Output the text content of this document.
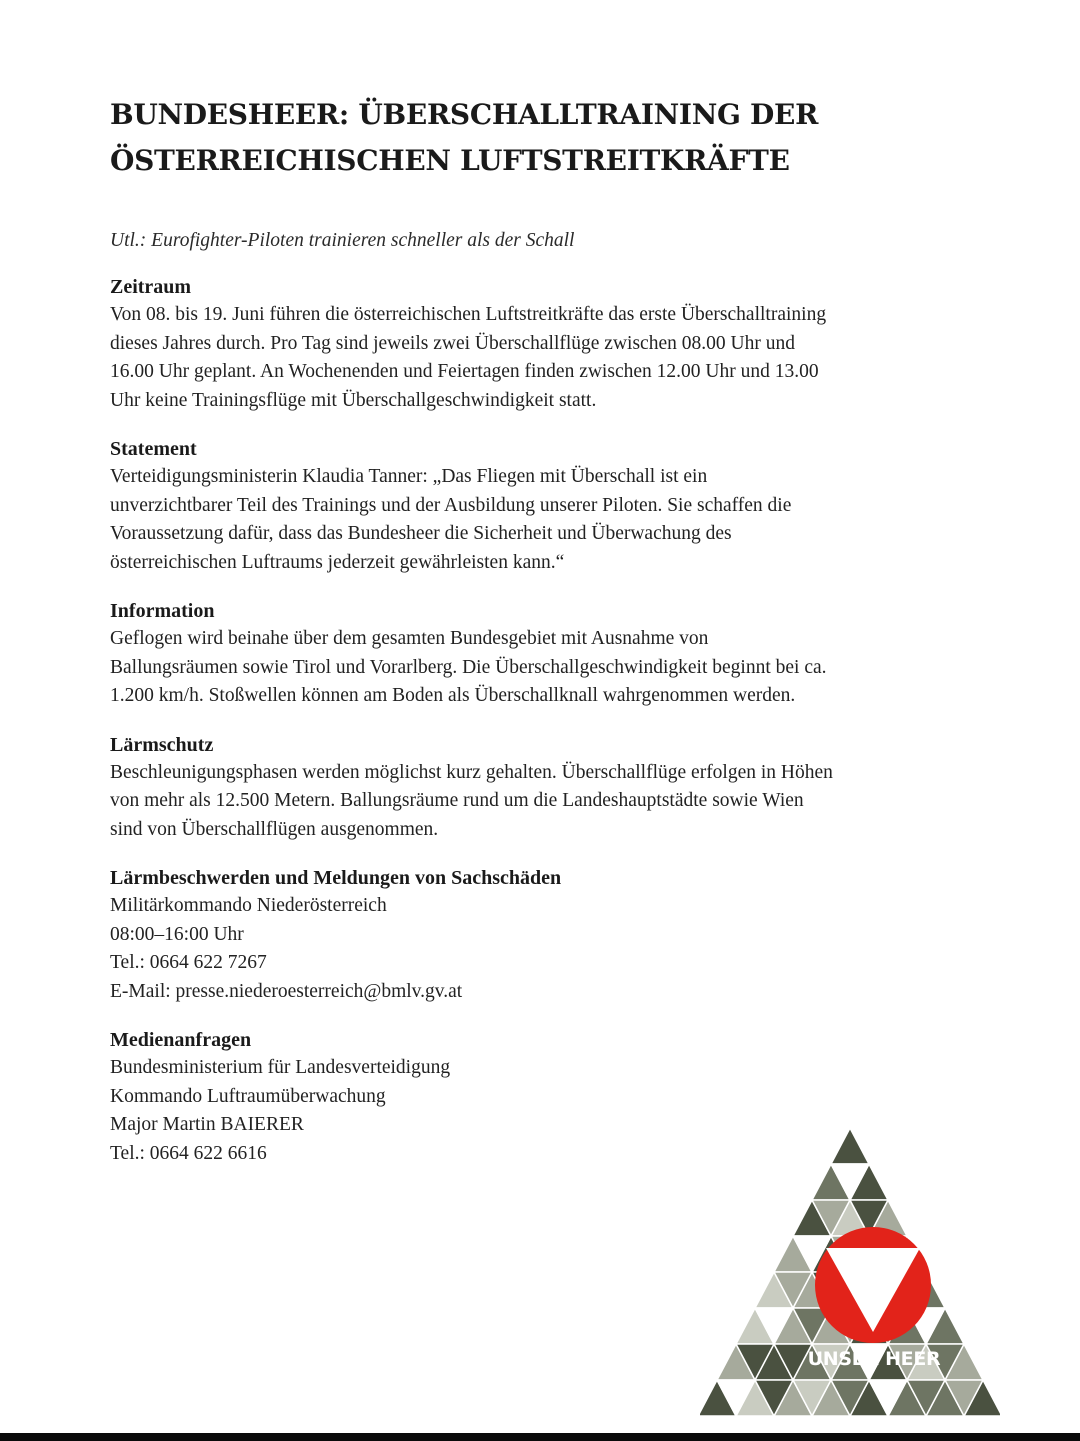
BUNDESHEER: ÜBERSCHALLTRAINING DER
ÖSTERREICHISCHEN LUFTSTREITKRÄFTE

Utl.: Eurofighter-Piloten trainieren schneller als der Schall

Zeitraum

Von 08. bis 19. Juni führen die österreichischen Luftstreitkräfte das erste Überschalltraining
dieses Jahres durch. Pro Tag sind jeweils zwei Überschallflüge zwischen 08.00 Uhr und
16.00 Uhr geplant. An Wochenenden und Feiertagen finden zwischen 12.00 Uhr und 13.00
Uhr keine Trainingsflüge mit Überschallgeschwindigkeit statt.

Statement

Verteidigungsministerin Klaudia Tanner: „Das Fliegen mit Überschall ist ein
unverzichtbarer Teil des Trainings und der Ausbildung unserer Piloten. Sie schaffen die
Voraussetzung dafür, dass das Bundesheer die Sicherheit und Überwachung des
österreichischen Luftraums jederzeit gewährleisten kann.“

Information

Geflogen wird beinahe über dem gesamten Bundesgebiet mit Ausnahme von
Ballungsräumen sowie Tirol und Vorarlberg. Die Überschallgeschwindigkeit beginnt bei ca.
1.200 km/h. Stoßwellen können am Boden als Überschallknall wahrgenommen werden.

Lärmschutz

Beschleunigungsphasen werden möglichst kurz gehalten. Überschallflüge erfolgen in Höhen
von mehr als 12.500 Metern. Ballungsräume rund um die Landeshauptstädte sowie Wien
sind von Überschallflügen ausgenommen.

Lärmbeschwerden und Meldungen von Sachschäden

Militärkommando Niederösterreich
08:00–16:00 Uhr
Tel.: 0664 622 7267
E-Mail: presse.niederoesterreich@bmlv.gv.at

Medienanfragen

Bundesministerium für Landesverteidigung
Kommando Luftraumüberwachung
Major Martin BAIERER
Tel.: 0664 622 6616

UNSER HEER
